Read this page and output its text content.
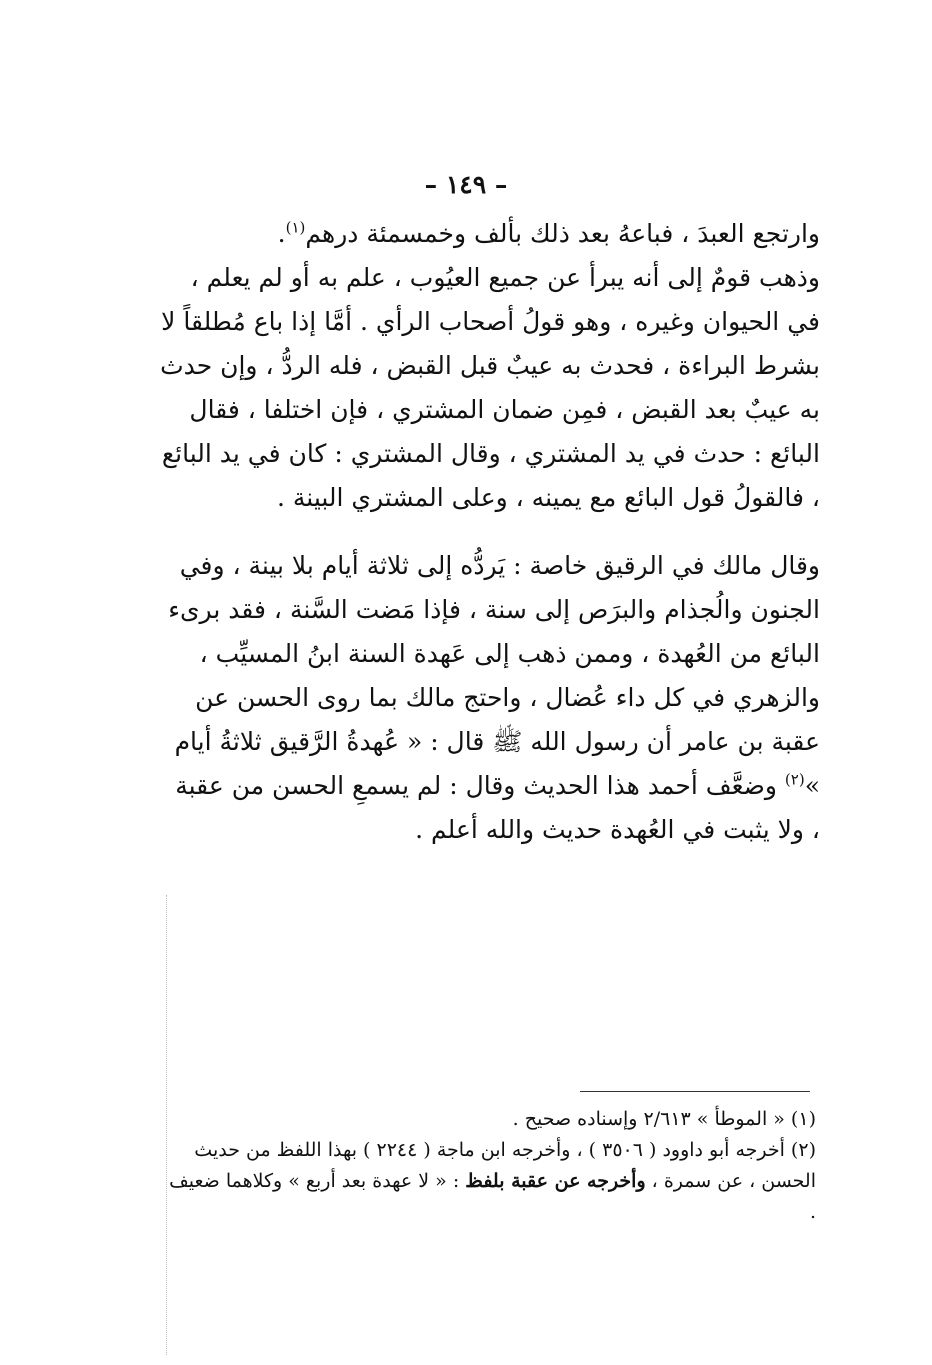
– ١٤٩ –

وارتجع العبدَ ، فباعهُ بعد ذلك بألف وخمسمئة درهم$^{(١)}$.

وذهب قومٌ إلى أنه يبرأ عن جميع العيُوب ، علم به أو لم يعلم ، في الحيوان وغيره ، وهو قولُ أصحاب الرأي . أمَّا إذا باع مُطلقاً لا بشرط البراءة ، فحدث به عيبٌ قبل القبض ، فله الردُّ ، وإن حدث به عيبٌ بعد القبض ، فمِن ضمان المشتري ، فإن اختلفا ، فقال البائع : حدث في يد المشتري ، وقال المشتري : كان في يد البائع ، فالقولُ قول البائع مع يمينه ، وعلى المشتري البينة .

وقال مالك في الرقيق خاصة : يَردُّه إلى ثلاثة أيام بلا بينة ، وفي الجنون والُجذام والبرَص إلى سنة ، فإذا مَضت السَّنة ، فقد برىء البائع من العُهدة ، وممن ذهب إلى عَهدة السنة ابنُ المسيِّب ، والزهري في كل داء عُضال ، واحتج مالك بما روى الحسن عن عقبة بن عامر أن رسول الله ﷺ قال : « عُهدةُ الرَّقيق ثلاثةُ أيام »$^{(٢)}$ وضعَّف أحمد هذا الحديث وقال : لم يسمعِ الحسن من عقبة ، ولا يثبت في العُهدة حديث والله أعلم .

(١) « الموطأ » ٢/٦١٣ وإسناده صحيح .

(٢) أخرجه أبو داوود ( ٣٥٠٦ ) ، وأخرجه ابن ماجة ( ٢٢٤٤ ) بهذا اللفظ من حديث الحسن ، عن سمرة ، وأخرجه عن عقبة بلفظ : « لا عهدة بعد أربع » وكلاهما ضعيف .
